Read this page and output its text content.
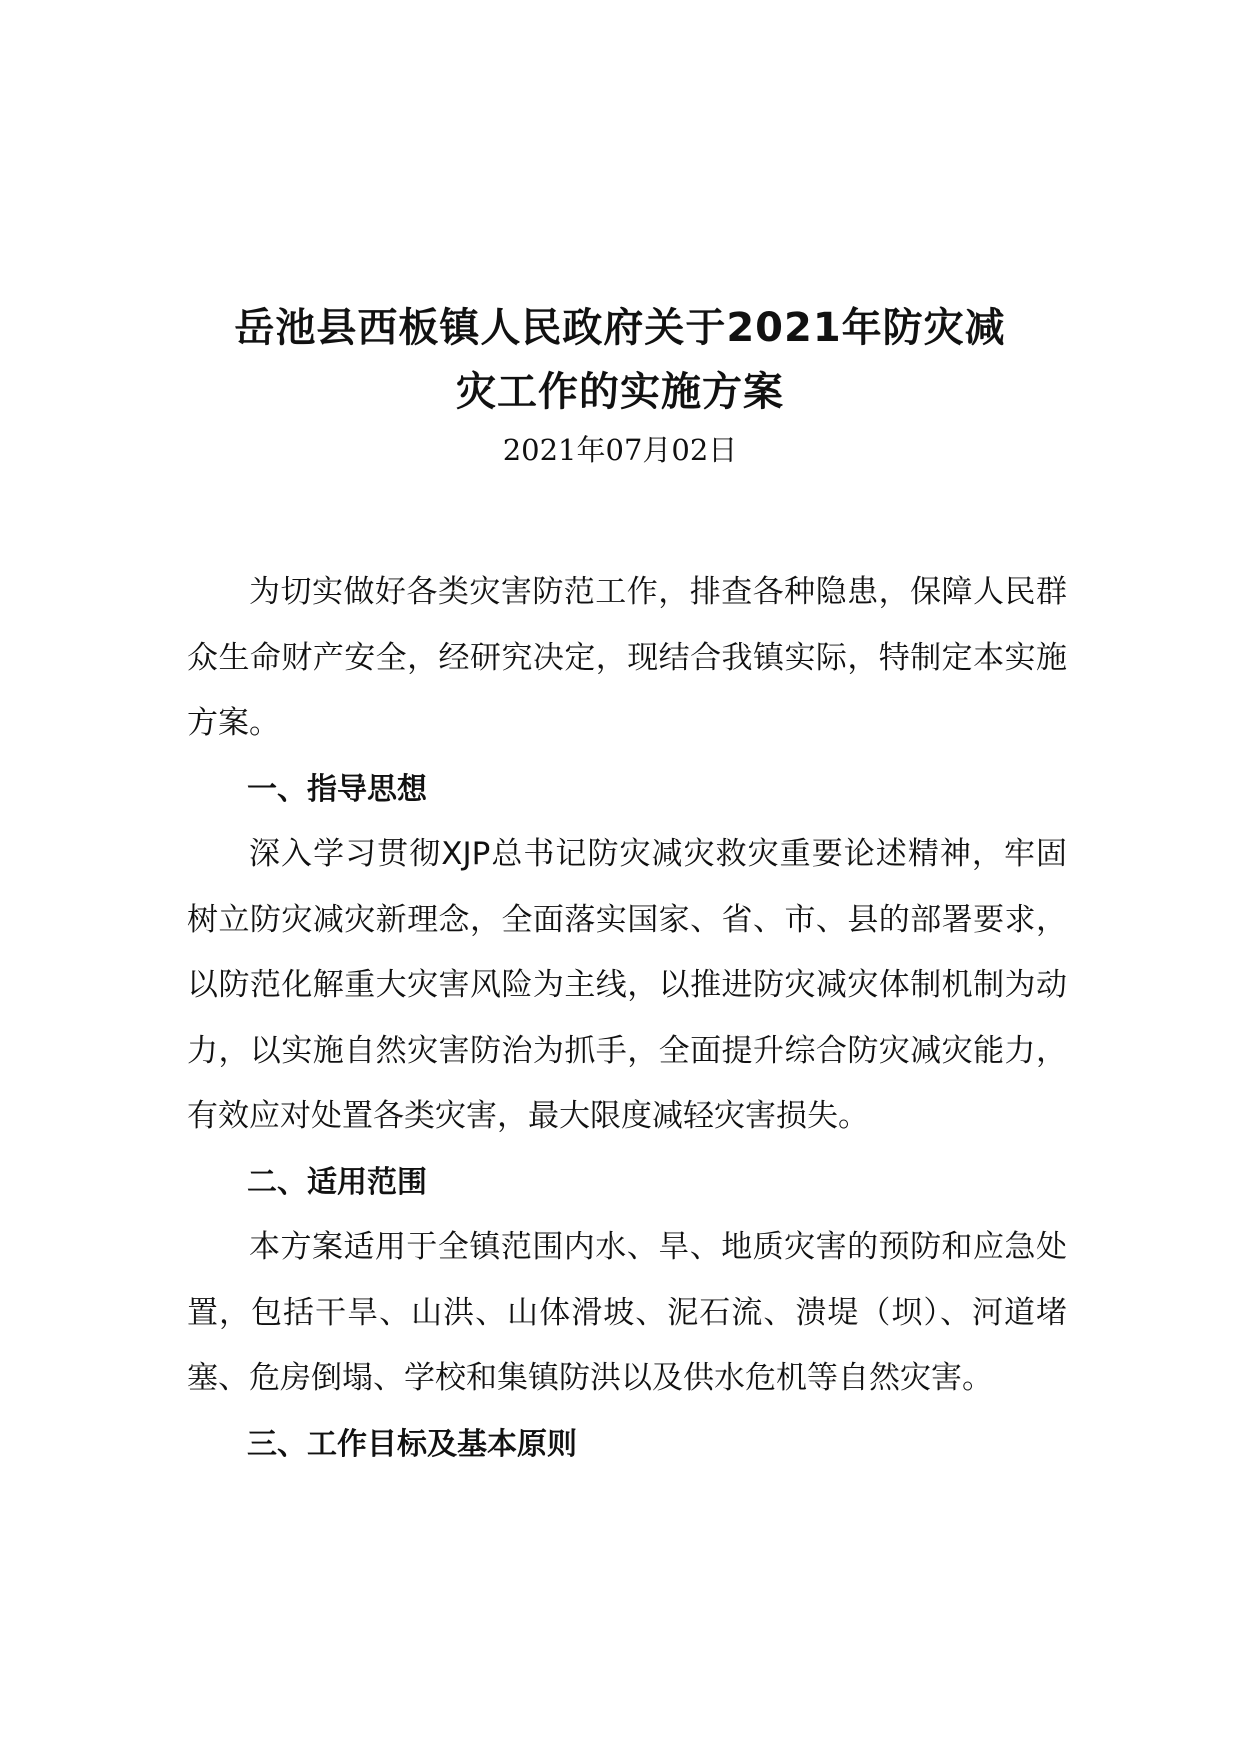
岳池县西板镇人民政府关于2021年防灾减
灾工作的实施方案

2021年07月02日

为切实做好各类灾害防范工作，排查各种隐患，保障人民群众生命财产安全，经研究决定，现结合我镇实际，特制定本实施方案。

一、指导思想

深入学习贯彻XJP总书记防灾减灾救灾重要论述精神，牢固树立防灾减灾新理念，全面落实国家、省、市、县的部署要求，以防范化解重大灾害风险为主线，以推进防灾减灾体制机制为动力，以实施自然灾害防治为抓手，全面提升综合防灾减灾能力，有效应对处置各类灾害，最大限度减轻灾害损失。

二、适用范围

本方案适用于全镇范围内水、旱、地质灾害的预防和应急处置，包括干旱、山洪、山体滑坡、泥石流、溃堤（坝）、河道堵塞、危房倒塌、学校和集镇防洪以及供水危机等自然灾害。

三、工作目标及基本原则
